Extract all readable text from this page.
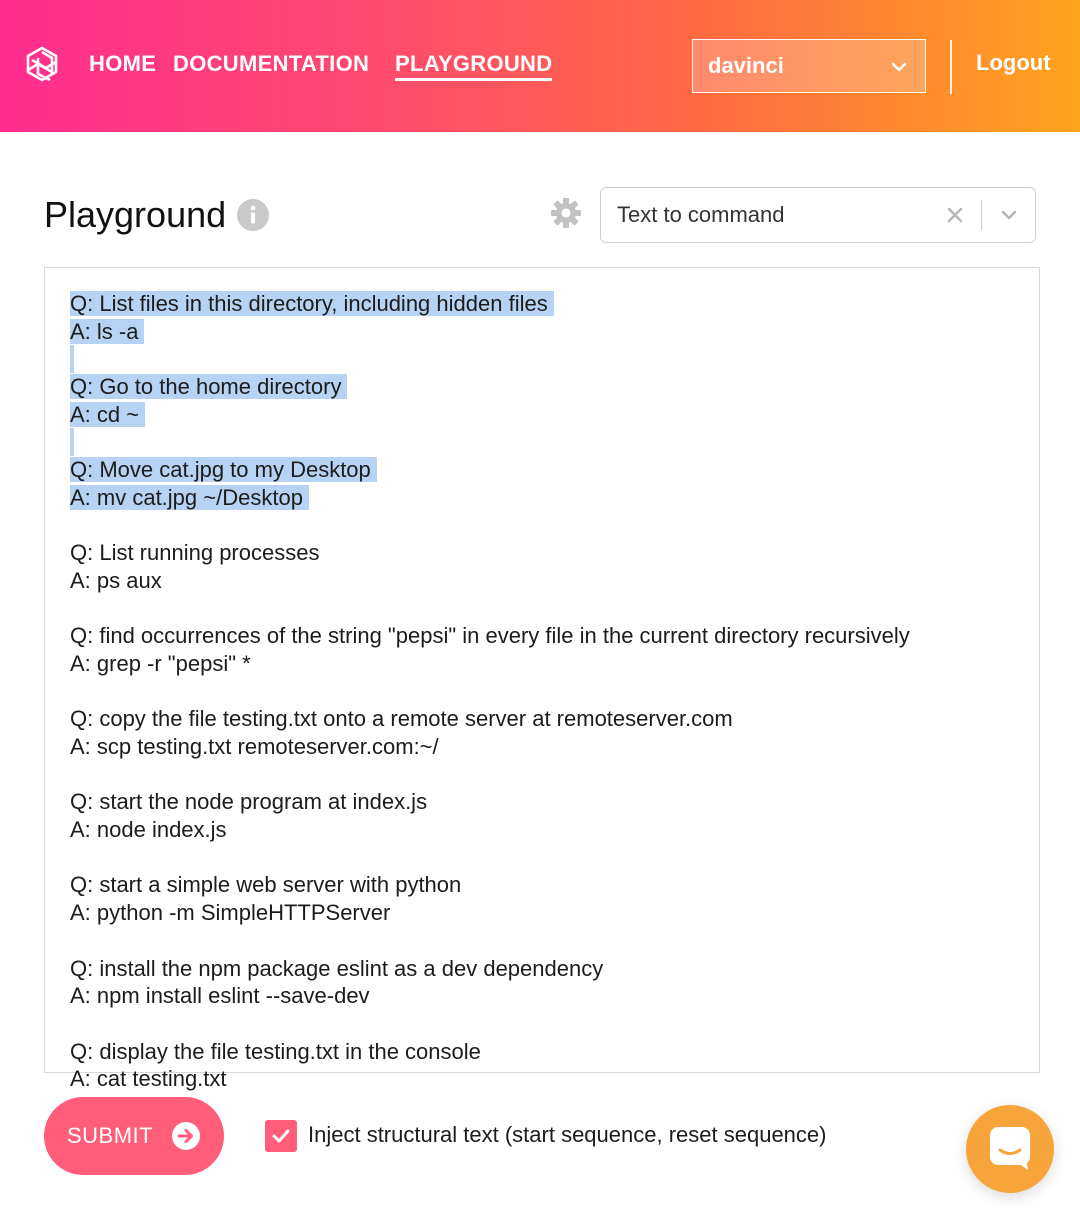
HOME DOCUMENTATION PLAYGROUND	davinci	Logout
Playground	Text to command
Q: List files in this directory, including hidden files
A: ls -a
Q: Go to the home directory
A: cd ~
Q: Move cat.jpg to my Desktop
A: mv cat.jpg ~/Desktop
Q: List running processes
A: ps aux
Q: find occurrences of the string "pepsi" in every file in the current directory recursively
A: grep -r "pepsi" *
Q: copy the file testing.txt onto a remote server at remoteserver.com
A: scp testing.txt remoteserver.com:~/
Q: start the node program at index.js
A: node index.js
Q: start a simple web server with python
A: python -m SimpleHTTPServer
Q: install the npm package eslint as a dev dependency
A: npm install eslint --save-dev
Q: display the file testing.txt in the console
A: cat testing.txt
SUBMIT	Inject structural text (start sequence, reset sequence)
